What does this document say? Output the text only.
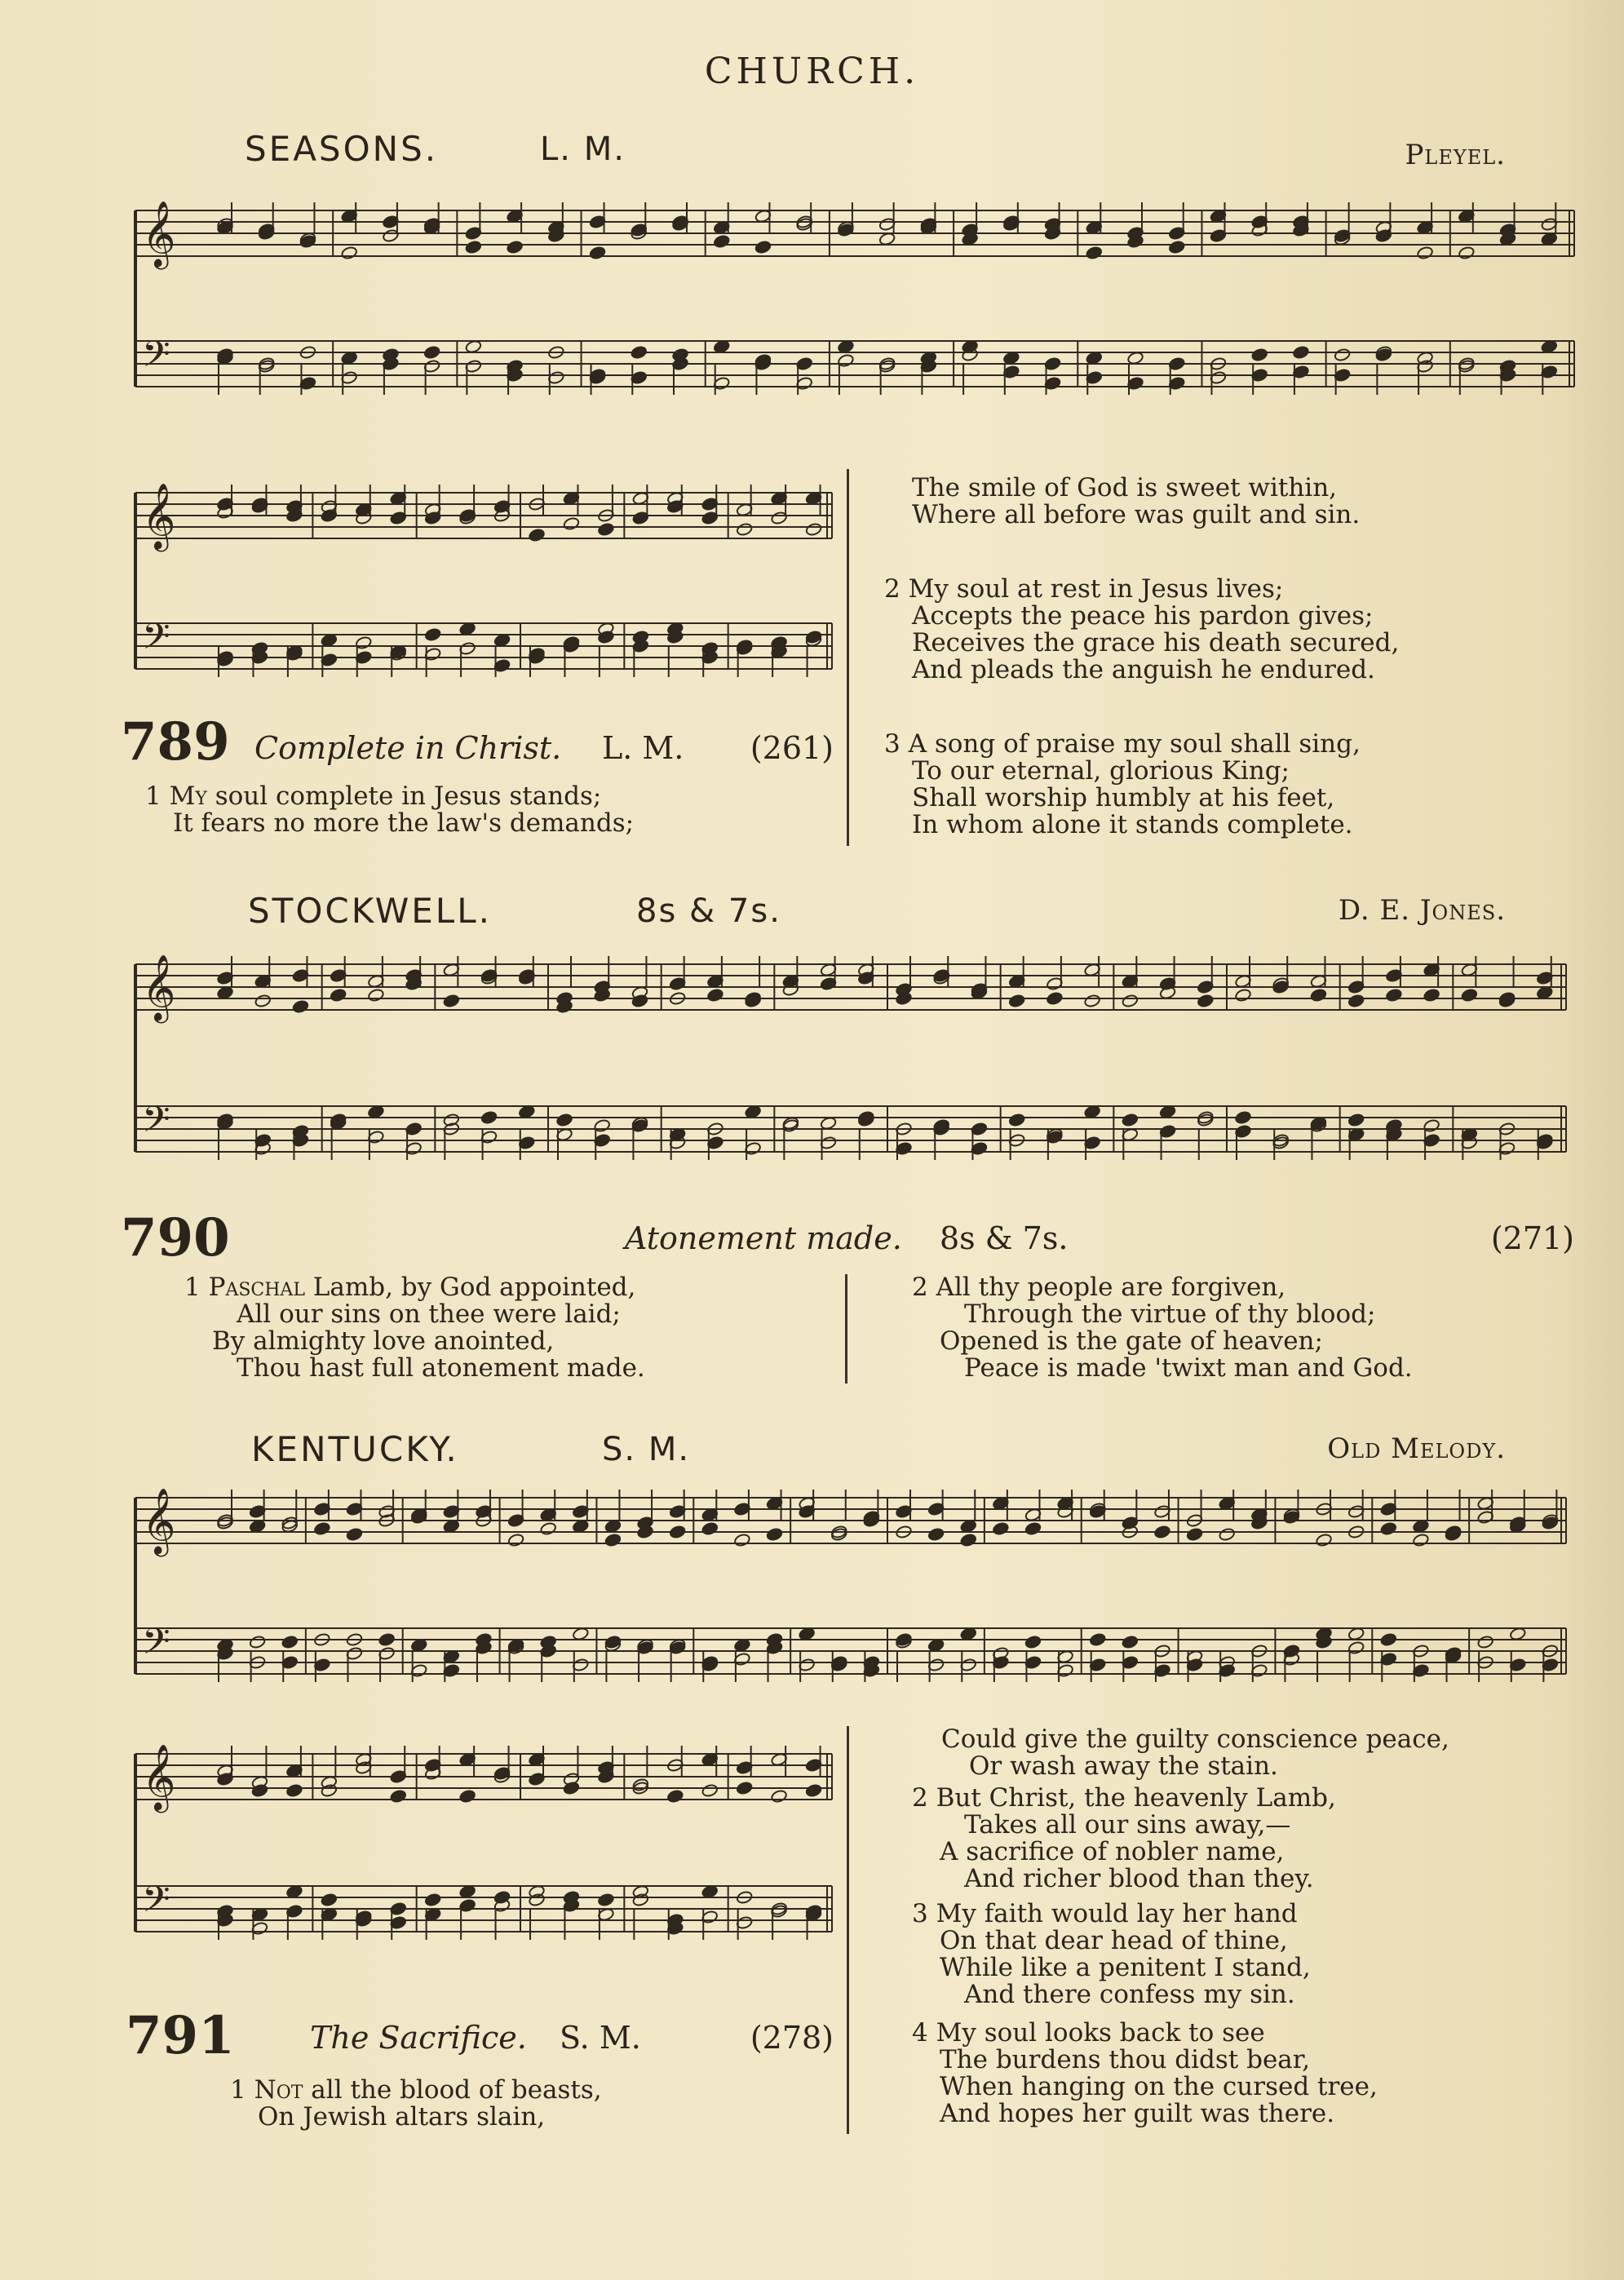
CHURCH.
SEASONS.	L. M.	Pleyel.
𝄞
𝄢
𝄞
𝄢
𝄞
𝄢
𝄞
𝄢
𝄞
𝄢
789 Complete in Christ. L. M.	(261)
1 My soul complete in Jesus stands;
It fears no more the law's demands;
The smile of God is sweet within,
Where all before was guilt and sin.
2 My soul at rest in Jesus lives;
Accepts the peace his pardon gives;
Receives the grace his death secured,
And pleads the anguish he endured.
3 A song of praise my soul shall sing,
To our eternal, glorious King;
Shall worship humbly at his feet,
In whom alone it stands complete.
STOCKWELL.	8s & 7s.	D. E. Jones.
790	Atonement made. 8s & 7s.	(271)
1 Paschal Lamb, by God appointed,
All our sins on thee were laid;
By almighty love anointed,
Thou hast full atonement made.
2 All thy people are forgiven,
Through the virtue of thy blood;
Opened is the gate of heaven;
Peace is made 'twixt man and God.
KENTUCKY.	S. M.	Old Melody.
791 The Sacrifice. S. M.	(278)
1 Not all the blood of beasts,
On Jewish altars slain,
Could give the guilty conscience peace,
Or wash away the stain.
2 But Christ, the heavenly Lamb,
Takes all our sins away,—
A sacrifice of nobler name,
And richer blood than they.
3 My faith would lay her hand
On that dear head of thine,
While like a penitent I stand,
And there confess my sin.
4 My soul looks back to see
The burdens thou didst bear,
When hanging on the cursed tree,
And hopes her guilt was there.
